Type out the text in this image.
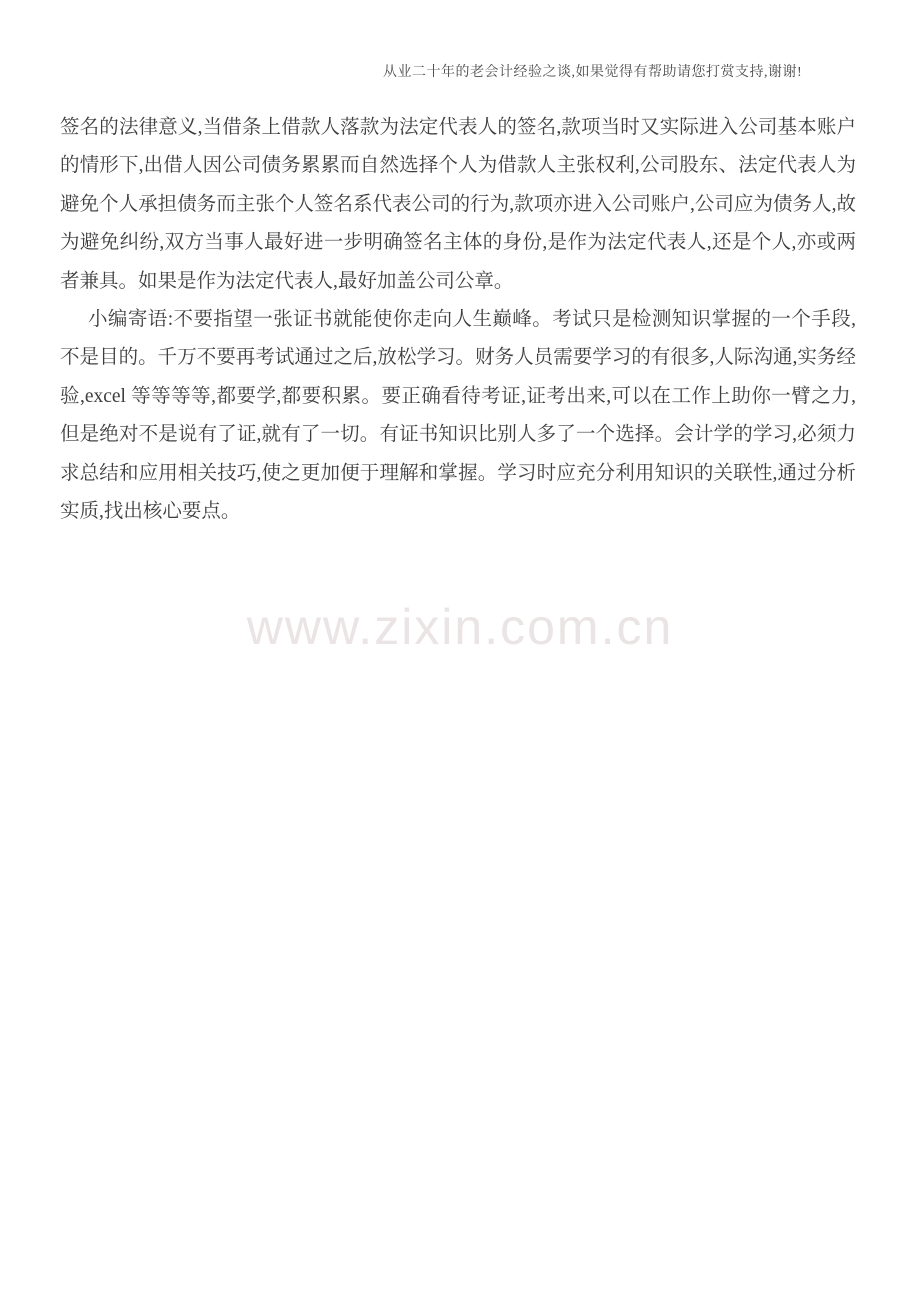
从业二十年的老会计经验之谈,如果觉得有帮助请您打赏支持,谢谢!

签名的法律意义,当借条上借款人落款为法定代表人的签名,款项当时又实际进入公司基本账户的情形下,出借人因公司债务累累而自然选择个人为借款人主张权利,公司股东、法定代表人为避免个人承担债务而主张个人签名系代表公司的行为,款项亦进入公司账户,公司应为债务人,故为避免纠纷,双方当事人最好进一步明确签名主体的身份,是作为法定代表人,还是个人,亦或两者兼具。如果是作为法定代表人,最好加盖公司公章。

小编寄语:不要指望一张证书就能使你走向人生巅峰。考试只是检测知识掌握的一个手段,不是目的。千万不要再考试通过之后,放松学习。财务人员需要学习的有很多,人际沟通,实务经验,excel 等等等等,都要学,都要积累。要正确看待考证,证考出来,可以在工作上助你一臂之力,但是绝对不是说有了证,就有了一切。有证书知识比别人多了一个选择。会计学的学习,必须力求总结和应用相关技巧,使之更加便于理解和掌握。学习时应充分利用知识的关联性,通过分析实质,找出核心要点。

www.zixin.com.cn
